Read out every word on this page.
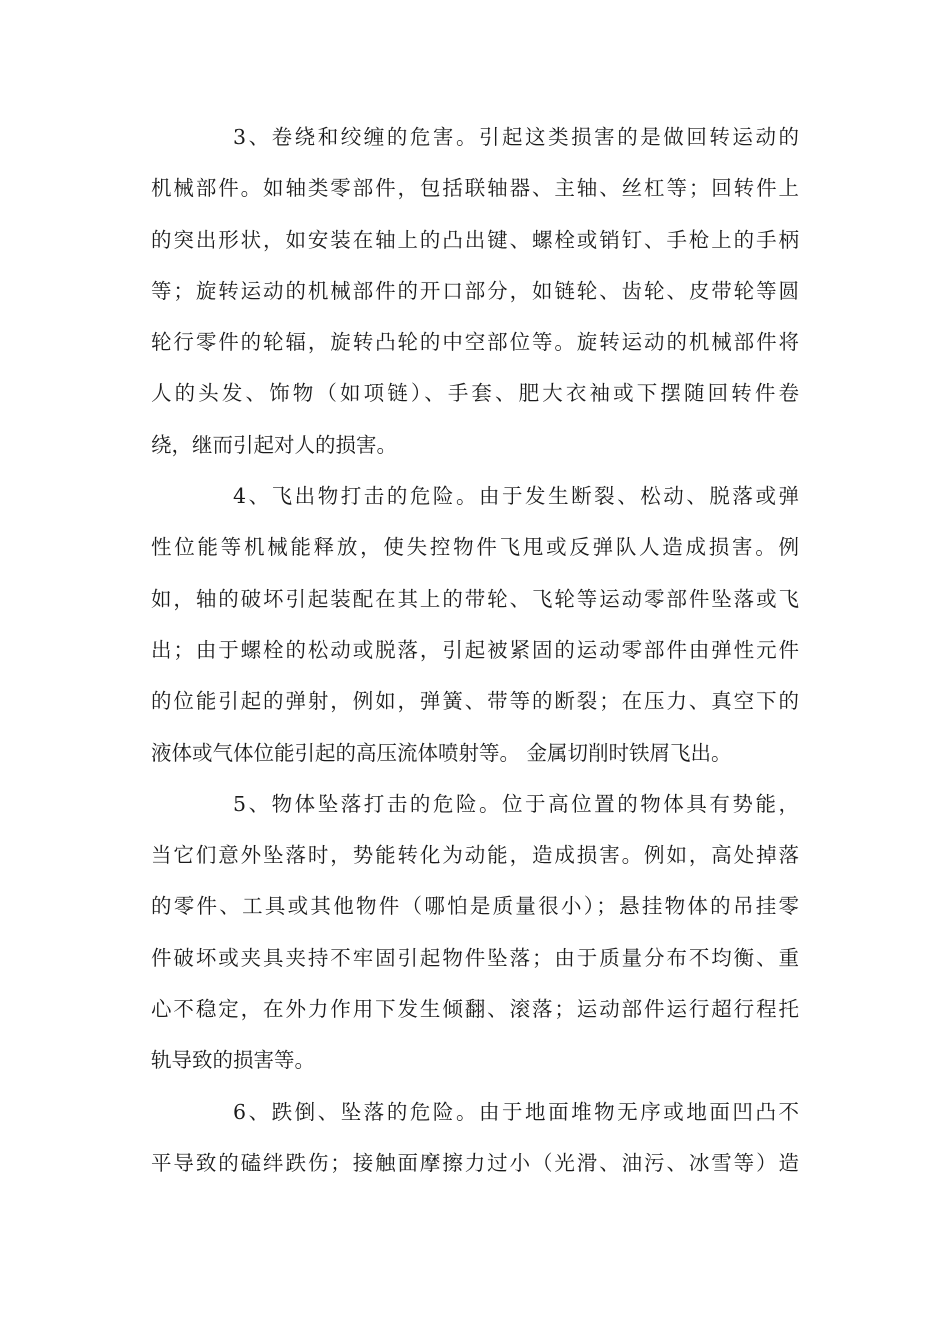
3、卷绕和绞缠的危害。引起这类损害的是做回转运动的
机械部件。如轴类零部件，包括联轴器、主轴、丝杠等；回转件上
的突出形状，如安装在轴上的凸出键、螺栓或销钉、手枪上的手柄
等；旋转运动的机械部件的开口部分，如链轮、齿轮、皮带轮等圆
轮行零件的轮辐，旋转凸轮的中空部位等。旋转运动的机械部件将
人的头发、饰物（如项链）、手套、肥大衣袖或下摆随回转件卷
绕，继而引起对人的损害。
4、飞出物打击的危险。由于发生断裂、松动、脱落或弹
性位能等机械能释放，使失控物件飞甩或反弹队人造成损害。例
如，轴的破坏引起装配在其上的带轮、飞轮等运动零部件坠落或飞
出；由于螺栓的松动或脱落，引起被紧固的运动零部件由弹性元件
的位能引起的弹射，例如，弹簧、带等的断裂；在压力、真空下的
液体或气体位能引起的高压流体喷射等。 金属切削时铁屑飞出。
5、物体坠落打击的危险。位于高位置的物体具有势能，
当它们意外坠落时，势能转化为动能，造成损害。例如，高处掉落
的零件、工具或其他物件（哪怕是质量很小）；悬挂物体的吊挂零
件破坏或夹具夹持不牢固引起物件坠落；由于质量分布不均衡、重
心不稳定，在外力作用下发生倾翻、滚落；运动部件运行超行程托
轨导致的损害等。
6、跌倒、坠落的危险。由于地面堆物无序或地面凹凸不
平导致的磕绊跌伤；接触面摩擦力过小（光滑、油污、冰雪等）造
